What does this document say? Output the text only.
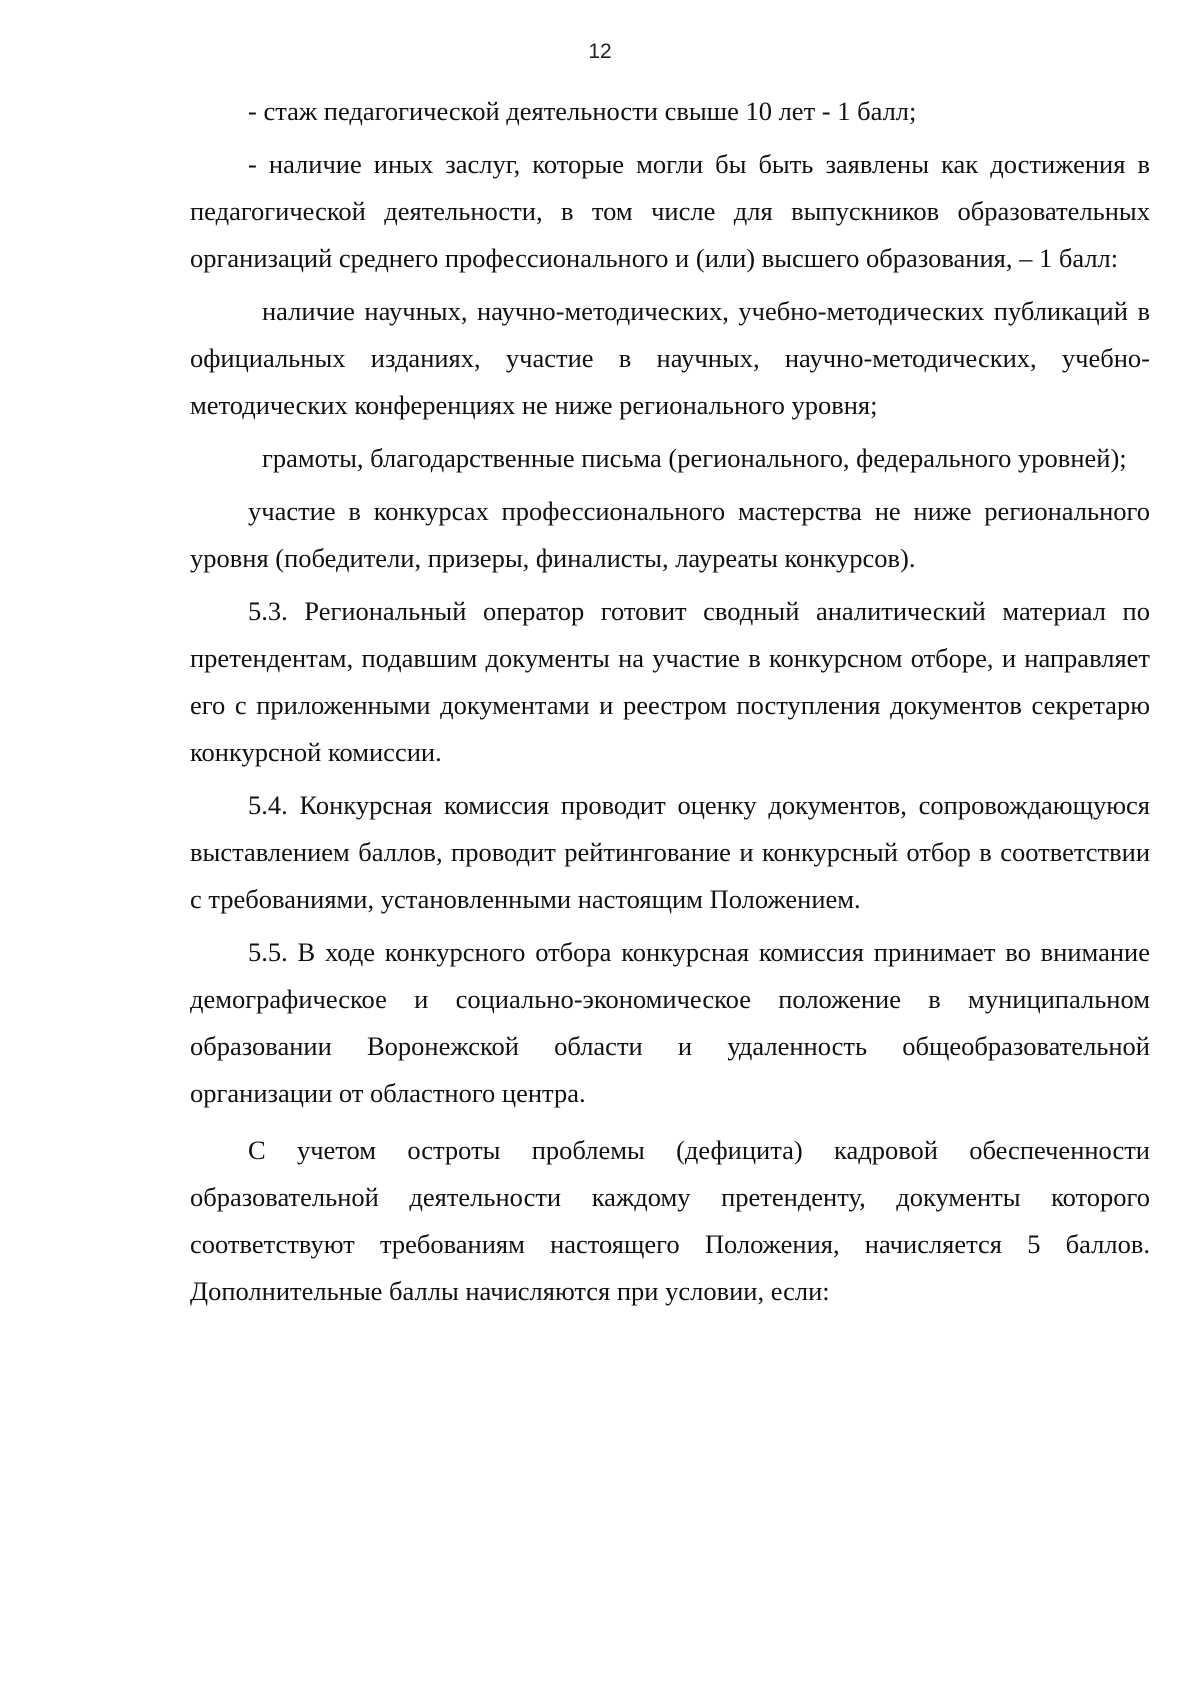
12

- стаж педагогической деятельности свыше 10 лет - 1 балл;

- наличие иных заслуг, которые могли бы быть заявлены как достижения в педагогической деятельности, в том числе для выпускников образовательных организаций среднего профессионального и (или) высшего образования, – 1 балл:

наличие научных, научно-методических, учебно-методических публикаций в официальных изданиях, участие в научных, научно-методических, учебно-методических конференциях не ниже регионального уровня;

грамоты, благодарственные письма (регионального, федерального уровней);

участие в конкурсах профессионального мастерства не ниже регионального уровня (победители, призеры, финалисты, лауреаты конкурсов).

5.3. Региональный оператор готовит сводный аналитический материал по претендентам, подавшим документы на участие в конкурсном отборе, и направляет его с приложенными документами и реестром поступления документов секретарю конкурсной комиссии.

5.4. Конкурсная комиссия проводит оценку документов, сопровождающуюся выставлением баллов, проводит рейтингование и конкурсный отбор в соответствии с требованиями, установленными настоящим Положением.

5.5. В ходе конкурсного отбора конкурсная комиссия принимает во внимание демографическое и социально-экономическое положение в муниципальном образовании Воронежской области и удаленность общеобразовательной организации от областного центра.

С учетом остроты проблемы (дефицита) кадровой обеспеченности образовательной деятельности каждому претенденту, документы которого соответствуют требованиям настоящего Положения, начисляется 5 баллов. Дополнительные баллы начисляются при условии, если:
